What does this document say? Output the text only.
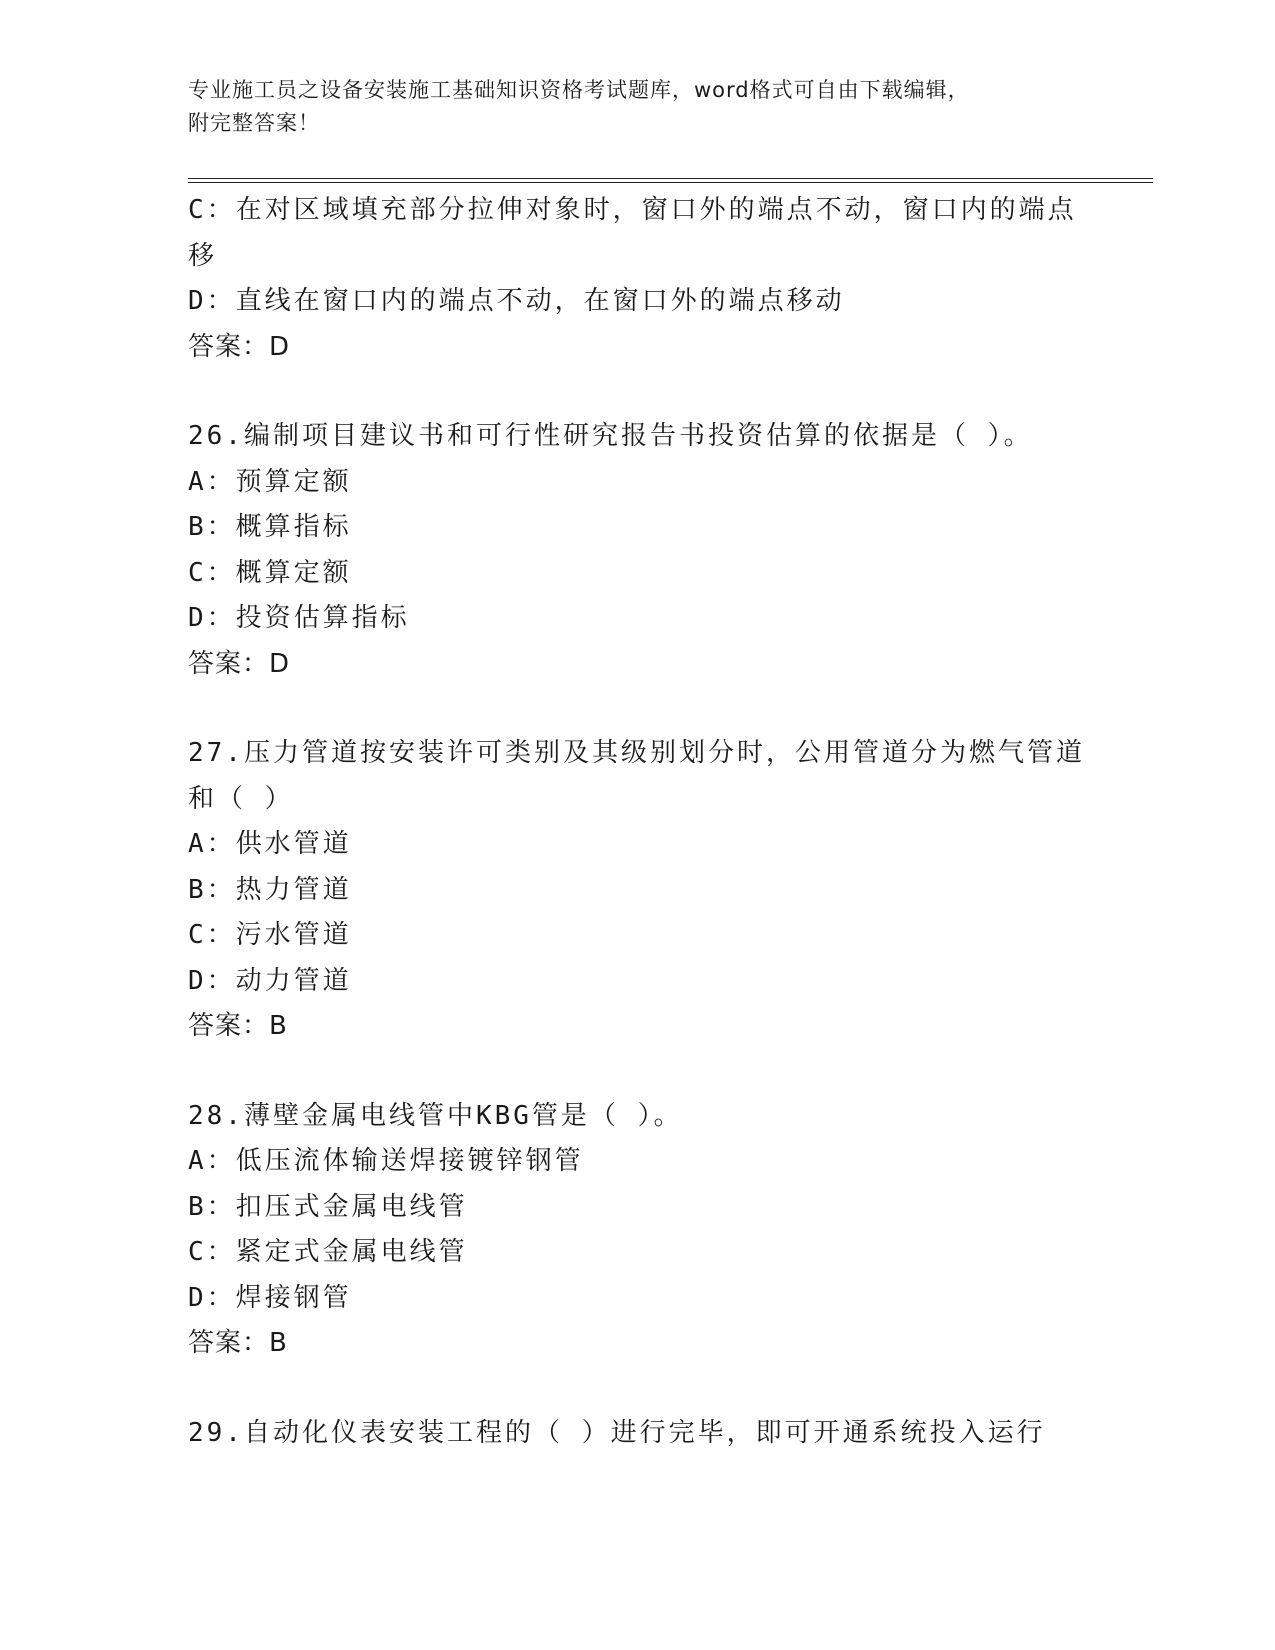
专业施工员之设备安装施工基础知识资格考试题库，word格式可自由下载编辑，
附完整答案！
C：在对区域填充部分拉伸对象时，窗口外的端点不动，窗口内的端点
移
D：直线在窗口内的端点不动，在窗口外的端点移动
答案：D
26.编制项目建议书和可行性研究报告书投资估算的依据是（ ）。
A：预算定额
B：概算指标
C：概算定额
D：投资估算指标
答案：D
27.压力管道按安装许可类别及其级别划分时，公用管道分为燃气管道
和（ ）
A：供水管道
B：热力管道
C：污水管道
D：动力管道
答案：B
28.薄壁金属电线管中KBG管是（ ）。
A：低压流体输送焊接镀锌钢管
B：扣压式金属电线管
C：紧定式金属电线管
D：焊接钢管
答案：B
29.自动化仪表安装工程的（ ）进行完毕，即可开通系统投入运行
